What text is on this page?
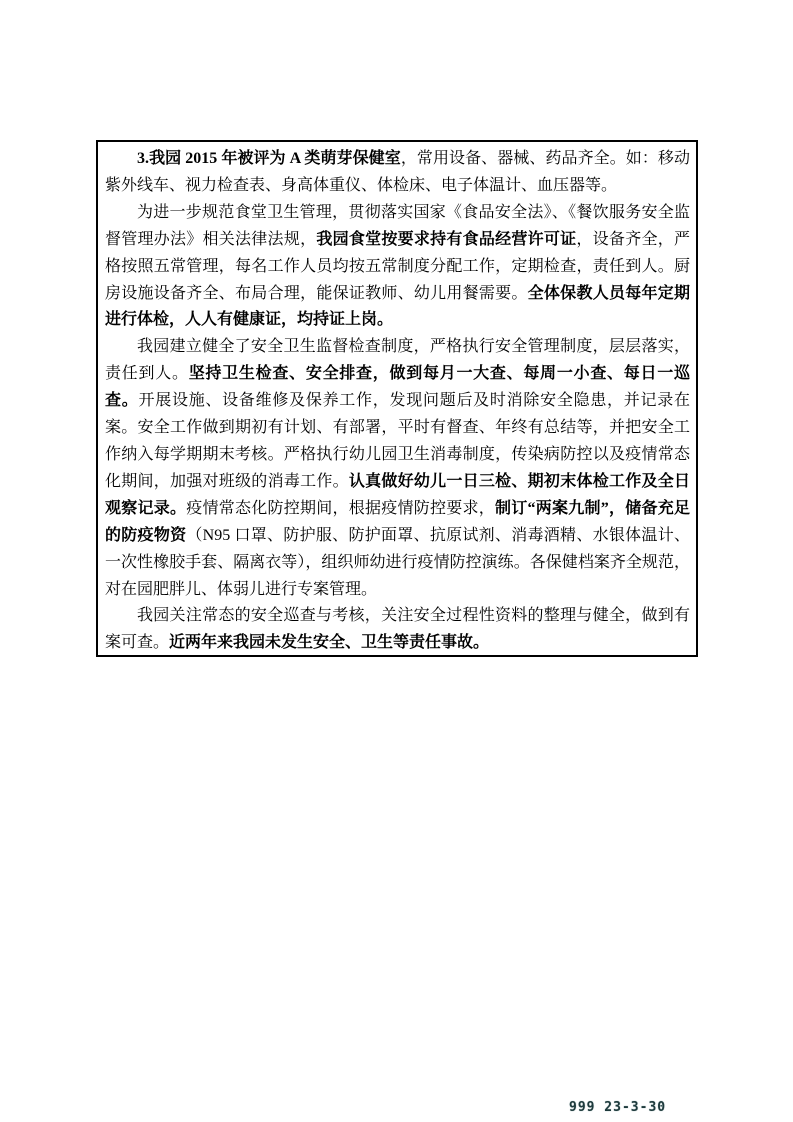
3.我园 2015 年被评为 A 类萌芽保健室，常用设备、器械、药品齐全。如：移动紫外线车、视力检查表、身高体重仪、体检床、电子体温计、血压器等。

为进一步规范食堂卫生管理，贯彻落实国家《食品安全法》、《餐饮服务安全监督管理办法》相关法律法规，我园食堂按要求持有食品经营许可证，设备齐全，严格按照五常管理，每名工作人员均按五常制度分配工作，定期检查，责任到人。厨房设施设备齐全、布局合理，能保证教师、幼儿用餐需要。全体保教人员每年定期进行体检，人人有健康证，均持证上岗。

我园建立健全了安全卫生监督检查制度，严格执行安全管理制度，层层落实，责任到人。坚持卫生检查、安全排查，做到每月一大查、每周一小查、每日一巡查。开展设施、设备维修及保养工作，发现问题后及时消除安全隐患，并记录在案。安全工作做到期初有计划、有部署，平时有督查、年终有总结等，并把安全工作纳入每学期期末考核。严格执行幼儿园卫生消毒制度，传染病防控以及疫情常态化期间，加强对班级的消毒工作。认真做好幼儿一日三检、期初末体检工作及全日观察记录。疫情常态化防控期间，根据疫情防控要求，制订“两案九制”，储备充足的防疫物资（N95 口罩、防护服、防护面罩、抗原试剂、消毒酒精、水银体温计、一次性橡胶手套、隔离衣等），组织师幼进行疫情防控演练。各保健档案齐全规范，对在园肥胖儿、体弱儿进行专案管理。

我园关注常态的安全巡查与考核，关注安全过程性资料的整理与健全，做到有案可查。近两年来我园未发生安全、卫生等责任事故。

999 23-3-30
